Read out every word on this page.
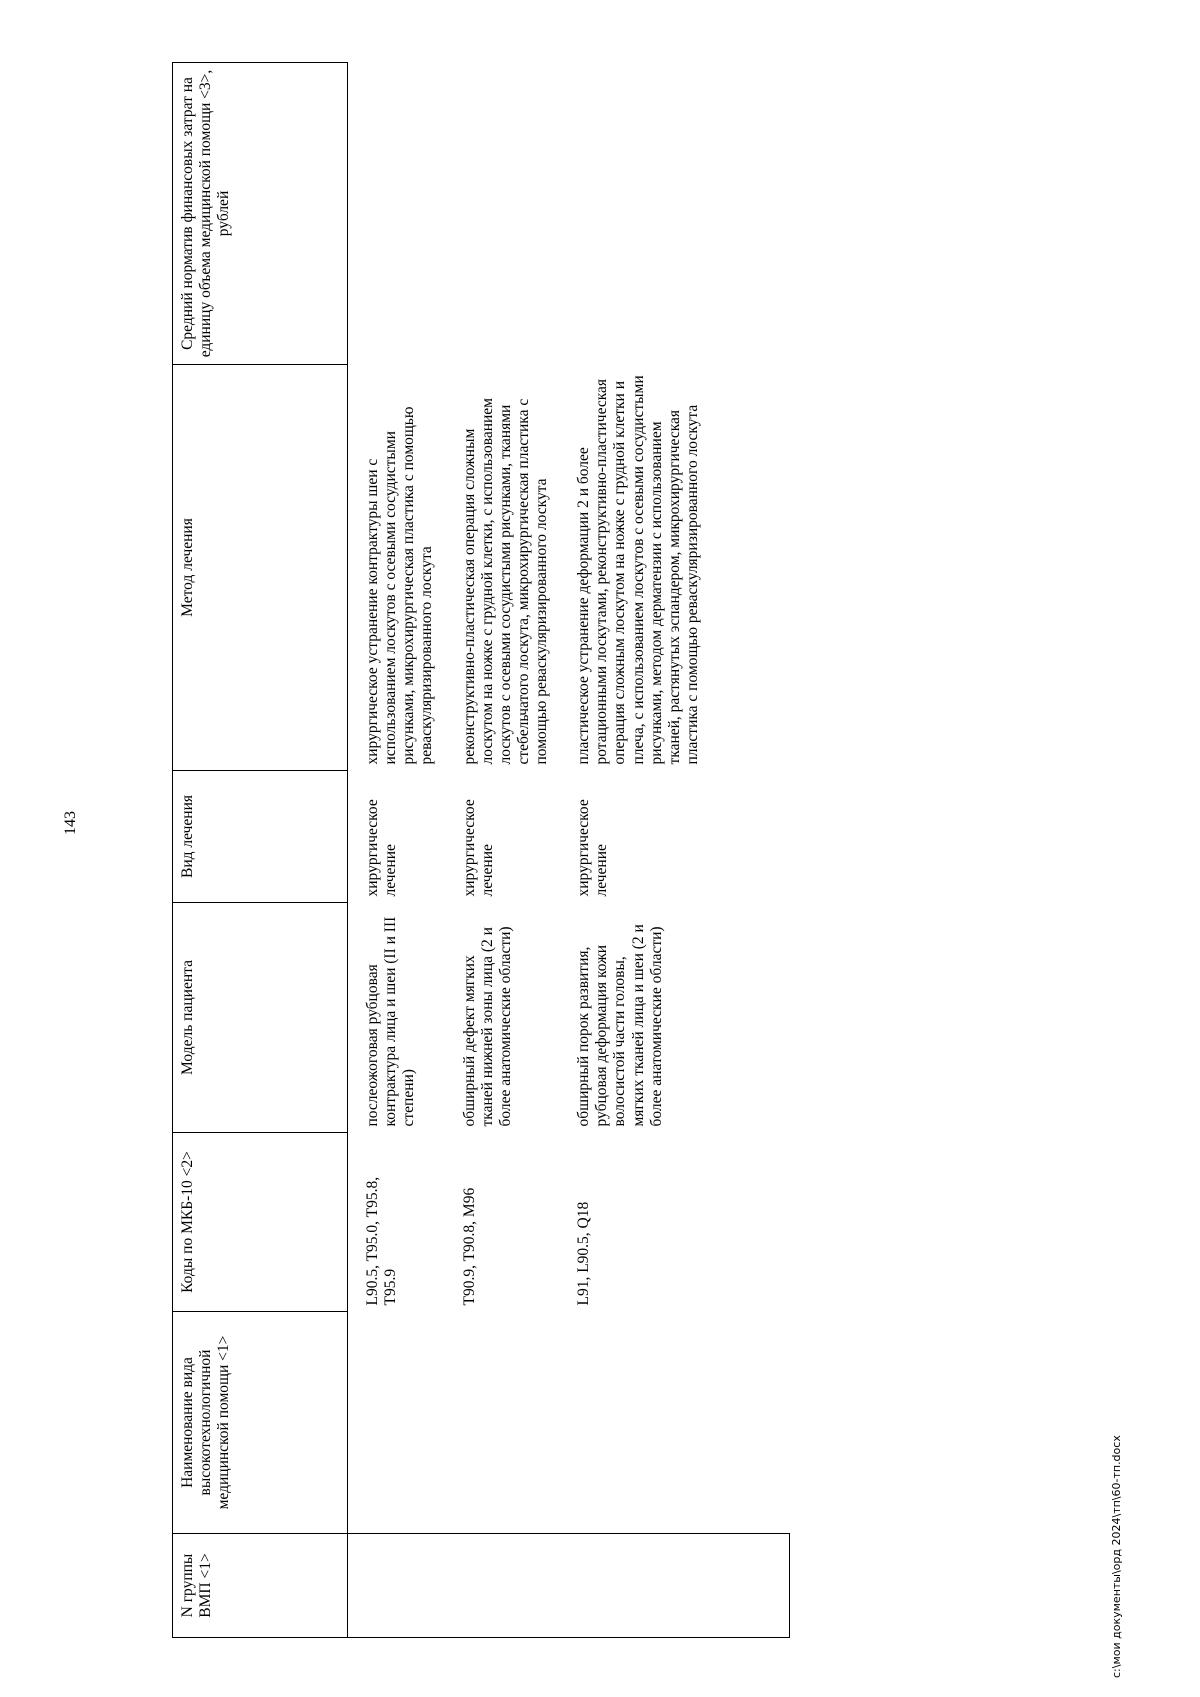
143
N группы ВМП <1>	Наименование вида высокотехнологичной медицинской помощи <1>	Коды по МКБ-10 <2>	Модель пациента	Вид лечения	Метод лечения	Средний норматив финансовых затрат на единицу объема медицинской помощи <3>, рублей
		L90.5, T95.0, T95.8, T95.9	послеожоговая рубцовая контрактура лица и шеи (II и III степени)	хирургическое лечение	хирургическое устранение контрактуры шеи с использованием лоскутов с осевыми сосудистыми рисунками, микрохирургическая пластика с помощью реваскуляризированного лоскута	
		T90.9, T90.8, M96	обширный дефект мягких тканей нижней зоны лица (2 и более анатомические области)	хирургическое лечение	реконструктивно-пластическая операция сложным лоскутом на ножке с грудной клетки, с использованием лоскутов с осевыми сосудистыми рисунками, тканями стебельчатого лоскута, микрохирургическая пластика с помощью реваскуляризированного лоскута	
		L91, L90.5, Q18	обширный порок развития, рубцовая деформация кожи волосистой части головы, мягких тканей лица и шеи (2 и более анатомические области)	хирургическое лечение	пластическое устранение деформации 2 и более ротационными лоскутами, реконструктивно-пластическая операция сложным лоскутом на ножке с грудной клетки и плеча, с использованием лоскутов с осевыми сосудистыми рисунками, методом дерматензии с использованием тканей, растянутых эспандером, микрохирургическая пластика с помощью реваскуляризированного лоскута	

c:\мои документы\орд 2024\тп\60-тп.docx
